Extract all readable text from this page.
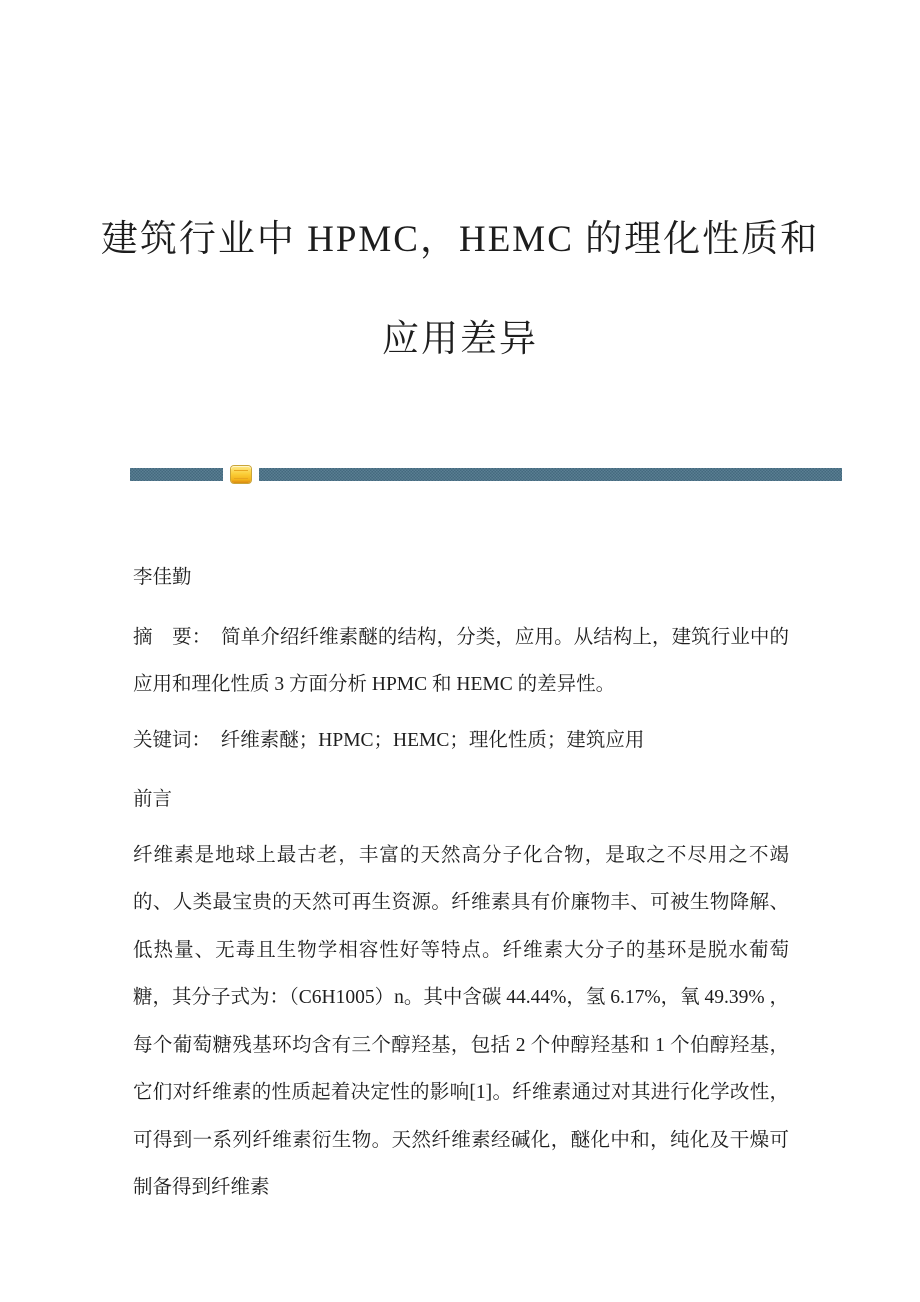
建筑行业中 HPMC，HEMC 的理化性质和
应用差异

李佳勤

摘　要：　简单介绍纤维素醚的结构，分类，应用。从结构上，建筑行业中的应用和理化性质 3 方面分析 HPMC 和 HEMC 的差异性。

关键词：　纤维素醚；HPMC；HEMC；理化性质；建筑应用

前言

纤维素是地球上最古老，丰富的天然高分子化合物，是取之不尽用之不竭的、人类最宝贵的天然可再生资源。纤维素具有价廉物丰、可被生物降解、低热量、无毒且生物学相容性好等特点。纤维素大分子的基环是脱水葡萄糖，其分子式为：（C6H1005）n。其中含碳 44.44%，氢 6.17%，氧 49.39% ，每个葡萄糖残基环均含有三个醇羟基，包括 2 个仲醇羟基和 1 个伯醇羟基，它们对纤维素的性质起着决定性的影响[1]。纤维素通过对其进行化学改性，可得到一系列纤维素衍生物。天然纤维素经碱化，醚化中和，纯化及干燥可制备得到纤维素
